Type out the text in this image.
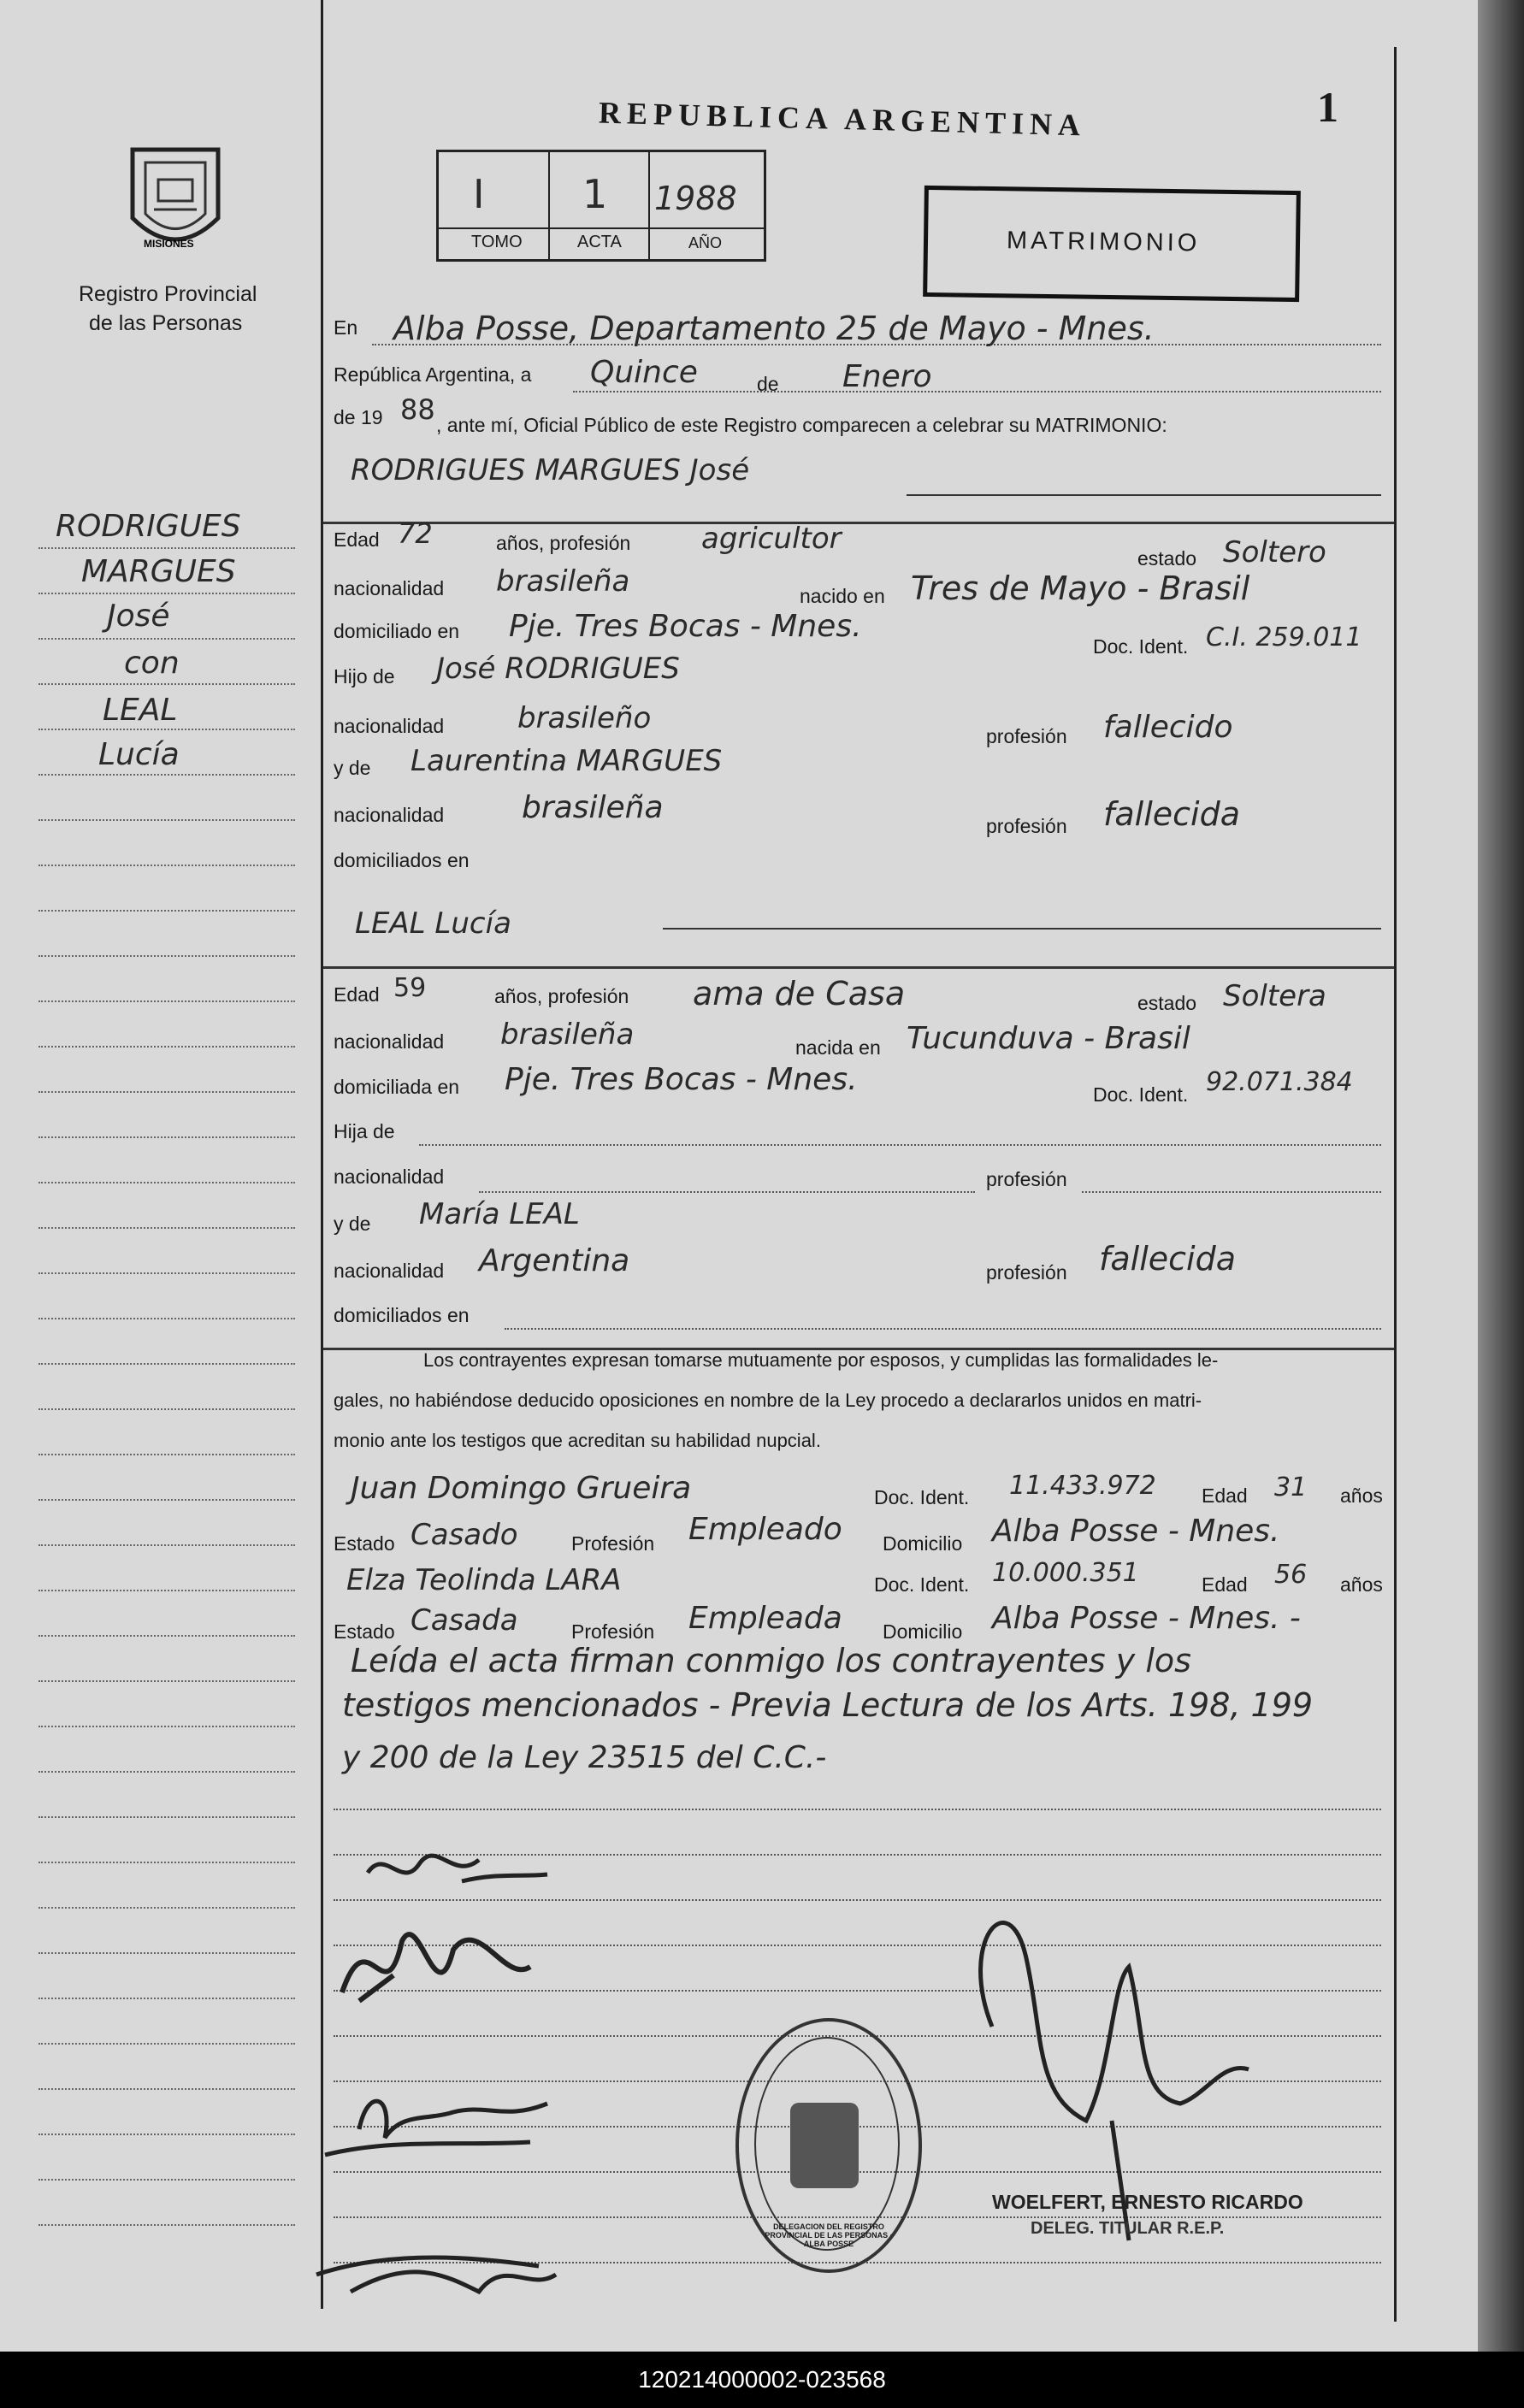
MISIONES
Registro Provincial
de las Personas
RODRIGUES
MARGUES
José
con
LEAL
Lucía
REPUBLICA ARGENTINA	1
I 1 1988
TOMO	ACTA	AÑO	MATRIMONIO
En Alba Posse, Departamento 25 de Mayo - Mnes.
República Argentina, a Quince	de Enero
de 19 88 , ante mí, Oficial Público de este Registro comparecen a celebrar su MATRIMONIO:
RODRIGUES MARGUES José
Edad 72	años, profesión agricultor
estado Soltero
nacionalidad brasileña	nacido en Tres de Mayo - Brasil
domiciliado en Pje. Tres Bocas - Mnes.
Doc. Ident. C.I. 259.011
Hijo de José RODRIGUES
nacionalidad	brasileño
profesión fallecido
y de Laurentina MARGUES
nacionalidad	brasileña
profesión fallecida
domiciliados en
LEAL Lucía
Edad 59	años, profesión ama de Casa	estado Soltera
nacionalidad brasileña	nacida en Tucunduva - Brasil
domiciliada en Pje. Tres Bocas - Mnes.	Doc. Ident. 92.071.384
Hija de
nacionalidad	profesión
y de María LEAL
nacionalidad Argentina	profesión fallecida
domiciliados en
Los contrayentes expresan tomarse mutuamente por esposos, y cumplidas las formalidades le-
gales, no habiéndose deducido oposiciones en nombre de la Ley procedo a declararlos unidos en matri-
monio ante los testigos que acreditan su habilidad nupcial.
Juan Domingo Grueira	Doc. Ident. 11.433.972 Edad 31 años
Estado Casado	Profesión Empleado Domicilio Alba Posse - Mnes.
Elza Teolinda LARA	Doc. Ident. 10.000.351	Edad 56 años
Estado Casada	Profesión Empleada Domicilio Alba Posse - Mnes. -
Leída el acta firman conmigo los contrayentes y los
testigos mencionados - Previa Lectura de los Arts. 198, 199
y 200 de la Ley 23515 del C.C.-
DELEGACION DEL REGISTRO PROVINCIAL DE LAS PERSONAS · ALBA POSSE
WOELFERT, ERNESTO RICARDO
DELEG. TITULAR R.E.P.
120214000002-023568
